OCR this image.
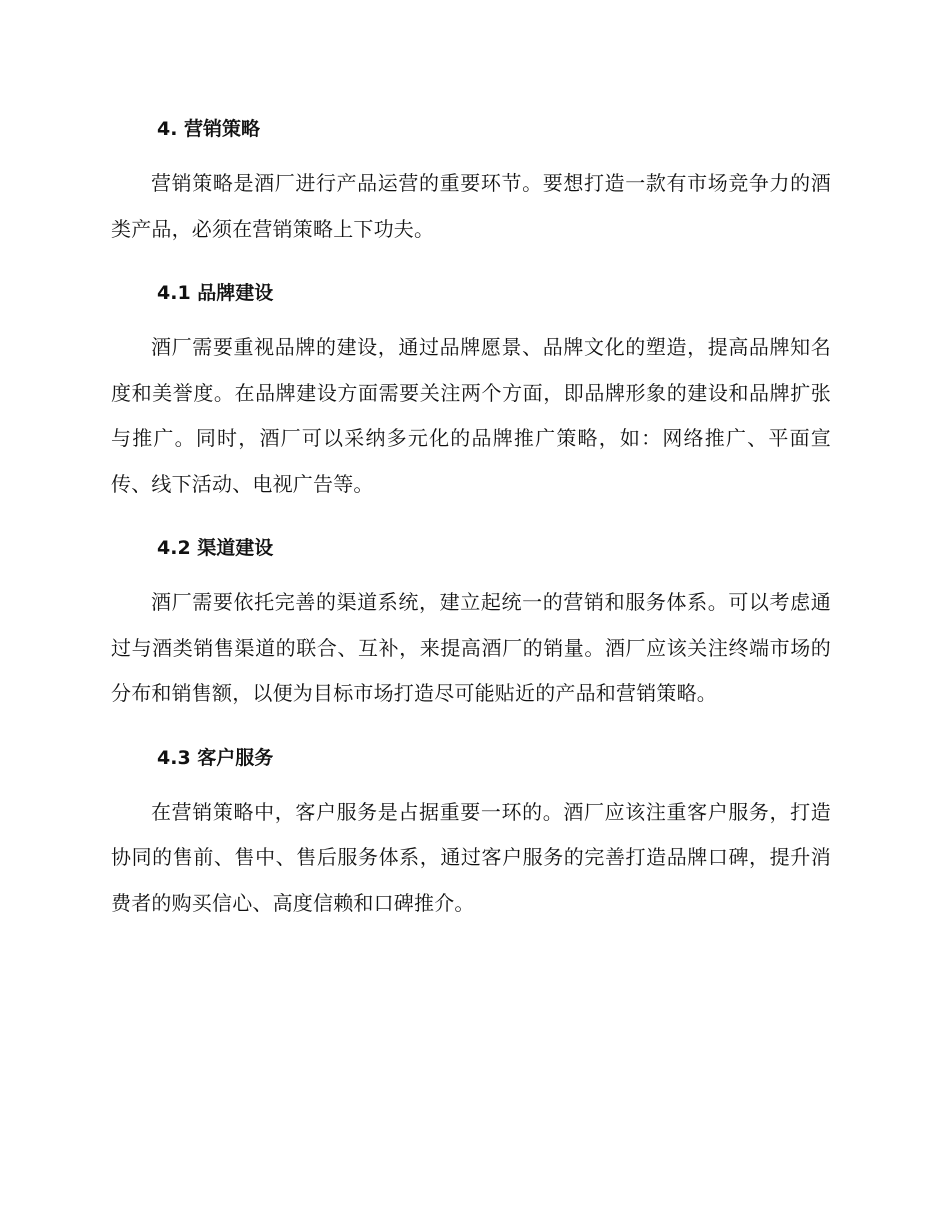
4. 营销策略

营销策略是酒厂进行产品运营的重要环节。要想打造一款有市场竞争力的酒类产品，必须在营销策略上下功夫。

4.1 品牌建设

酒厂需要重视品牌的建设，通过品牌愿景、品牌文化的塑造，提高品牌知名度和美誉度。在品牌建设方面需要关注两个方面，即品牌形象的建设和品牌扩张与推广。同时，酒厂可以采纳多元化的品牌推广策略，如：网络推广、平面宣传、线下活动、电视广告等。

4.2 渠道建设

酒厂需要依托完善的渠道系统，建立起统一的营销和服务体系。可以考虑通过与酒类销售渠道的联合、互补，来提高酒厂的销量。酒厂应该关注终端市场的分布和销售额，以便为目标市场打造尽可能贴近的产品和营销策略。

4.3 客户服务

在营销策略中，客户服务是占据重要一环的。酒厂应该注重客户服务，打造协同的售前、售中、售后服务体系，通过客户服务的完善打造品牌口碑，提升消费者的购买信心、高度信赖和口碑推介。
